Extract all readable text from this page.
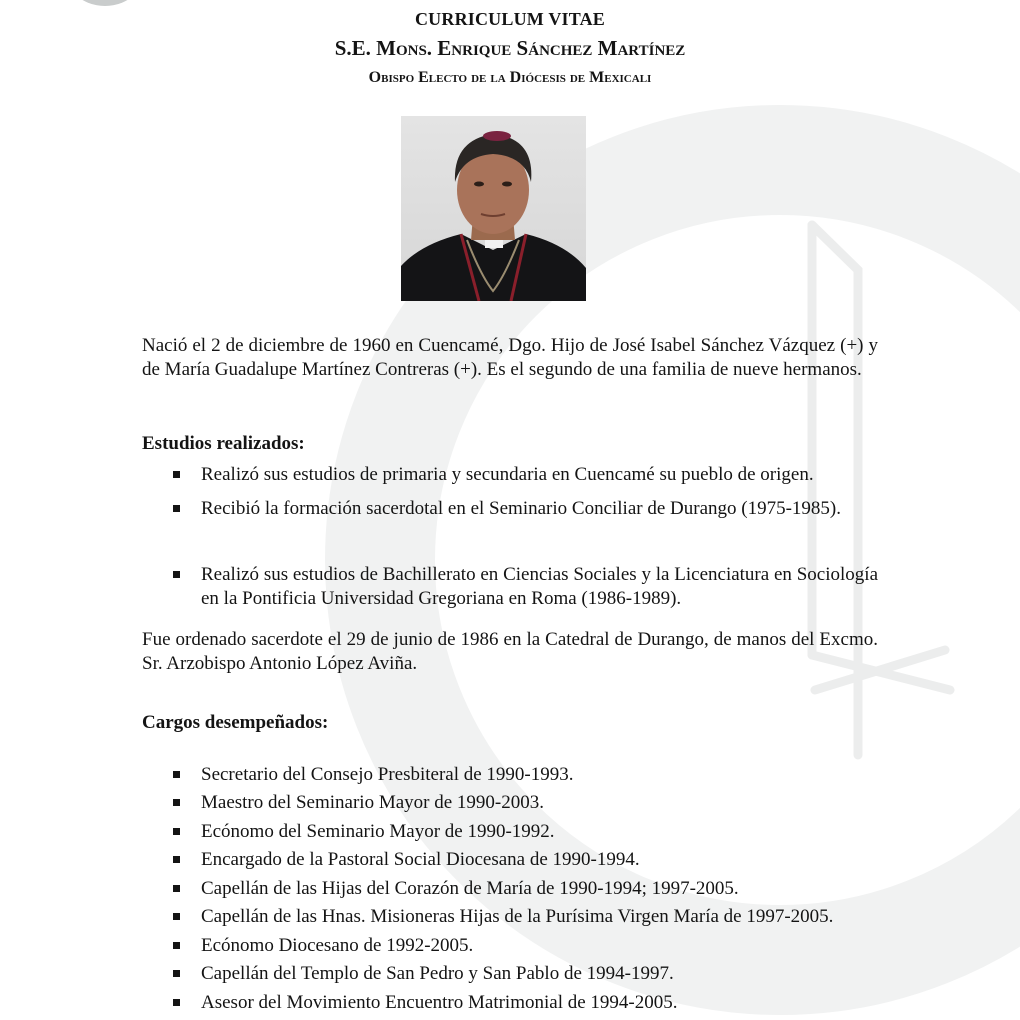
CURRICULUM VITAE
S.E. Mons. Enrique Sánchez Martínez
Obispo Electo de la Diócesis de Mexicali
Nació el 2 de diciembre de 1960 en Cuencamé, Dgo. Hijo de José Isabel Sánchez Vázquez (+) y de María Guadalupe Martínez Contreras (+). Es el segundo de una familia de nueve hermanos.
Estudios realizados:
Realizó sus estudios de primaria y secundaria en Cuencamé su pueblo de origen.
Recibió la formación sacerdotal en el Seminario Conciliar de Durango (1975-1985).
Realizó sus estudios de Bachillerato en Ciencias Sociales y la Licenciatura en Sociología en la Pontificia Universidad Gregoriana en Roma (1986-1989).
Fue ordenado sacerdote el 29 de junio de 1986 en la Catedral de Durango, de manos del Excmo. Sr. Arzobispo Antonio López Aviña.
Cargos desempeñados:
Secretario del Consejo Presbiteral de 1990-1993.
Maestro del Seminario Mayor de 1990-2003.
Ecónomo del Seminario Mayor de 1990-1992.
Encargado de la Pastoral Social Diocesana de 1990-1994.
Capellán de las Hijas del Corazón de María de 1990-1994; 1997-2005.
Capellán de las Hnas. Misioneras Hijas de la Purísima Virgen María de 1997-2005.
Ecónomo Diocesano de 1992-2005.
Capellán del Templo de San Pedro y San Pablo de 1994-1997.
Asesor del Movimiento Encuentro Matrimonial de 1994-2005.
